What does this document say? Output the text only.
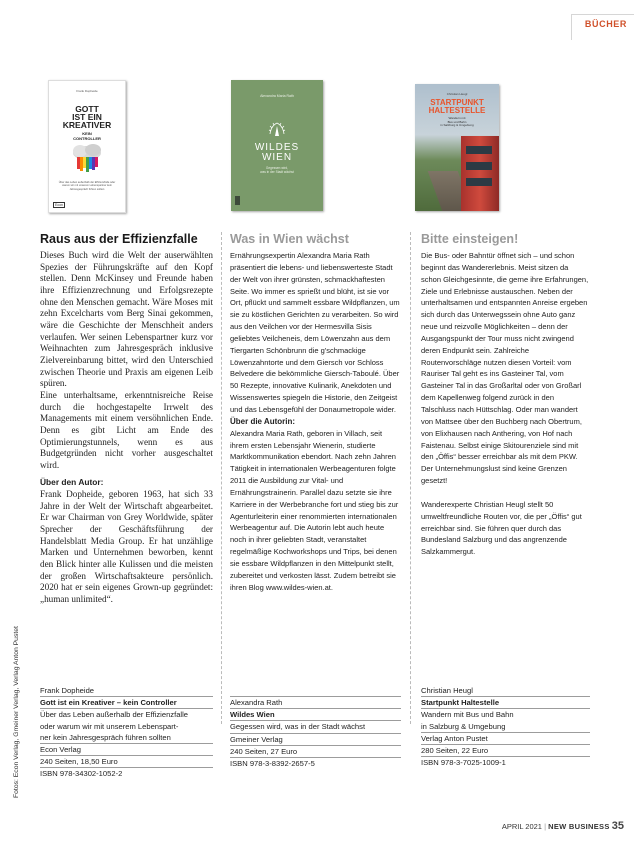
BÜCHER
Frank Dopheide
GOTT
IST EIN
KREATIVER
KEIN
CONTROLLER
Über das Leben außerhalb der Effizienzfalle oder warum wir mit unserem Lebenspartner kein Jahresgespräch führen sollten
Econ
Alexandra Maria Rath
WILDES
WIEN
Gegessen wird,
was in der Stadt wächst
Christian Heugl
STARTPUNKT
HALTESTELLE
Wandern mit
Bus und Bahn
in Salzburg & Umgebung
Raus aus der Effizienzfalle

Dieses Buch wird die Welt der auserwählten Spezies der Führungskräfte auf den Kopf stellen. Denn McKinsey und Freunde haben ihre Effizienzrechnung und Erfolgsrezepte ohne den Menschen gemacht. Wäre Moses mit zehn Excelcharts vom Berg Sinai gekommen, wäre die Geschichte der Menschheit anders verlaufen. Wer seinen Lebenspartner kurz vor Weihnachten zum Jahresgespräch inklusive Zielvereinbarung bittet, wird den Unterschied zwischen Theorie und Praxis am eigenen Leib spüren.

Eine unterhaltsame, erkenntnisreiche Reise durch die hochgestapelte Irrwelt des Managements mit einem versöhnlichen Ende. Denn es gibt Licht am Ende des Optimierungstunnels, wenn es aus Budgetgründen nicht vorher ausgeschaltet wird.

Über den Autor:

Frank Dopheide, geboren 1963, hat sich 33 Jahre in der Welt der Wirtschaft abgearbeitet. Er war Chairman von Grey Worldwide, später Sprecher der Geschäftsführung der Handelsblatt Media Group. Er hat unzählige Marken und Unternehmen beworben, kennt den Blick hinter alle Kulissen und die meisten der großen Wirtschaftsakteure persönlich. 2020 hat er sein eigenes Grown-up gegründet: „human unlimited“.

Was in Wien wächst

Ernährungsexpertin Alexandra Maria Rath präsentiert die lebens- und liebenswerteste Stadt der Welt von ihrer grünsten, schmackhaftesten Seite. Wo immer es sprießt und blüht, ist sie vor Ort, pflückt und sammelt essbare Wildpflanzen, um sie zu köstlichen Gerichten zu verarbeiten. So wird aus den Veilchen vor der Hermesvilla Sisis geliebtes Veilcheneis, dem Löwenzahn aus dem Tiergarten Schönbrunn die g'schmackige Löwenzahntorte und dem Giersch vor Schloss Belvedere die bekömmliche Giersch-Taboulé. Über 50 Rezepte, innovative Kulinarik, Anekdoten und Wissenswertes spiegeln die Historie, den Zeitgeist und das Lebensgefühl der Donaumetropole wider.

Über die Autorin:

Alexandra Maria Rath, geboren in Villach, seit ihrem ersten Lebensjahr Wienerin, studierte Marktkommunikation ebendort. Nach zehn Jahren Tätigkeit in internationalen Werbeagenturen folgte 2011 die Ausbildung zur Vital- und Ernährungstrainerin. Parallel dazu setzte sie ihre Karriere in der Werbebranche fort und stieg bis zur Agenturleiterin einer renommierten internationalen Werbeagentur auf. Die Autorin lebt auch heute noch in ihrer geliebten Stadt, veranstaltet regelmäßige Kochworkshops und Trips, bei denen sie essbare Wildpflanzen in den Mittelpunkt stellt, zubereitet und verkosten lässt. Zudem betreibt sie ihren Blog www.wildes-wien.at.

Bitte einsteigen!

Die Bus- oder Bahntür öffnet sich – und schon beginnt das Wandererlebnis. Meist sitzen da schon Gleichgesinnte, die gerne ihre Erfahrungen, Ziele und Erlebnisse austauschen. Neben der unterhaltsamen und entspannten Anreise ergeben sich durch das Unterwegssein ohne Auto ganz neue und reizvolle Möglichkeiten – denn der Ausgangspunkt der Tour muss nicht zwingend deren Endpunkt sein. Zahlreiche Routenvorschläge nutzen diesen Vorteil: vom Rauriser Tal geht es ins Gasteiner Tal, vom Gasteiner Tal in das Großarltal oder von Großarl dem Kapellenweg folgend zurück in den Talschluss nach Hüttschlag. Oder man wandert von Mattsee über den Buchberg nach Obertrum, von Elixhausen nach Anthering, von Hof nach Faistenau. Selbst einige Skitourenziele sind mit den „Öffis“ besser erreichbar als mit dem PKW. Der Unternehmungslust sind keine Grenzen gesetzt!

Wanderexperte Christian Heugl stellt 50 umweltfreundliche Routen vor, die per „Öffis“ gut erreichbar sind. Sie führen quer durch das Bundesland Salzburg und das angrenzende Salzkammergut.

Frank Dopheide
Gott ist ein Kreativer – kein Controller
Über das Leben außerhalb der Effizienzfalle
oder warum wir mit unserem Lebenspart-
ner kein Jahresgespräch führen sollten
Econ Verlag
240 Seiten, 18,50 Euro
ISBN 978-34302-1052-2
Alexandra Rath
Wildes Wien
Gegessen wird, was in der Stadt wächst
Gmeiner Verlag
240 Seiten, 27 Euro
ISBN 978-3-8392-2657-5
Christian Heugl
Startpunkt Haltestelle
Wandern mit Bus und Bahn
in Salzburg & Umgebung
Verlag Anton Pustet
280 Seiten, 22 Euro
ISBN 978-3-7025-1009-1
Fotos: Econ Verlag, Gmeiner Verlag, Verlag Anton Pustet
APRIL 2021 | NEW BUSINESS 35
